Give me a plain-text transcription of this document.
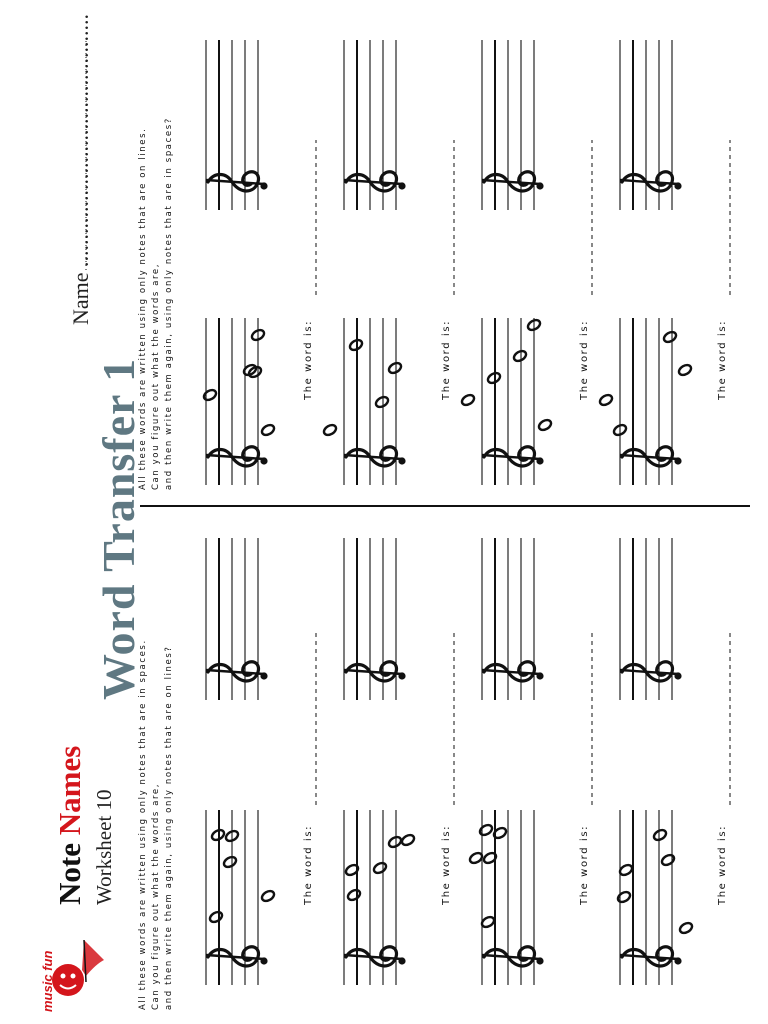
music fun
Note Names Worksheet 10
Word Transfer 1
Name ..............................................
All these words are written using only notes that are in spaces. Can you figure out what the words are, and then write them again, using only notes that are on lines?
All these words are written using only notes that are on lines. Can you figure out what the words are, and then write them again, using only notes that are in spaces?
The word is:	The word is:	The word is:	The word is:
The word is:	The word is:	The word is:	The word is:
